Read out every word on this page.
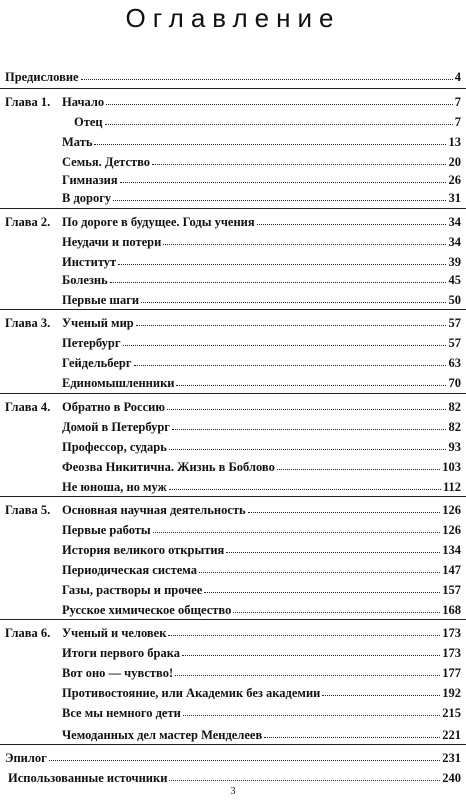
Оглавление
Предисловие	4
Глава 1. Начало	7
Отец	7
Мать	13
Семья. Детство	20
Гимназия	26
В дорогу	31
Глава 2. По дороге в будущее. Годы учения	34
Неудачи и потери	34
Институт	39
Болезнь	45
Первые шаги	50
Глава 3. Ученый мир	57
Петербург	57
Гейдельберг	63
Единомышленники	70
Глава 4. Обратно в Россию	82
Домой в Петербург	82
Профессор, сударь	93
Феозва Никитична. Жизнь в Боблово	103
Не юноша, но муж	112
Глава 5. Основная научная деятельность	126
Первые работы	126
История великого открытия	134
Периодическая система	147
Газы, растворы и прочее	157
Русское химическое общество	168
Глава 6. Ученый и человек	173
Итоги первого брака	173
Вот оно — чувство!	177
Противостояние, или Академик без академии	192
Все мы немного дети	215
Чемоданных дел мастер Менделеев	221
Эпилог	231
Использованные источники	240
3
